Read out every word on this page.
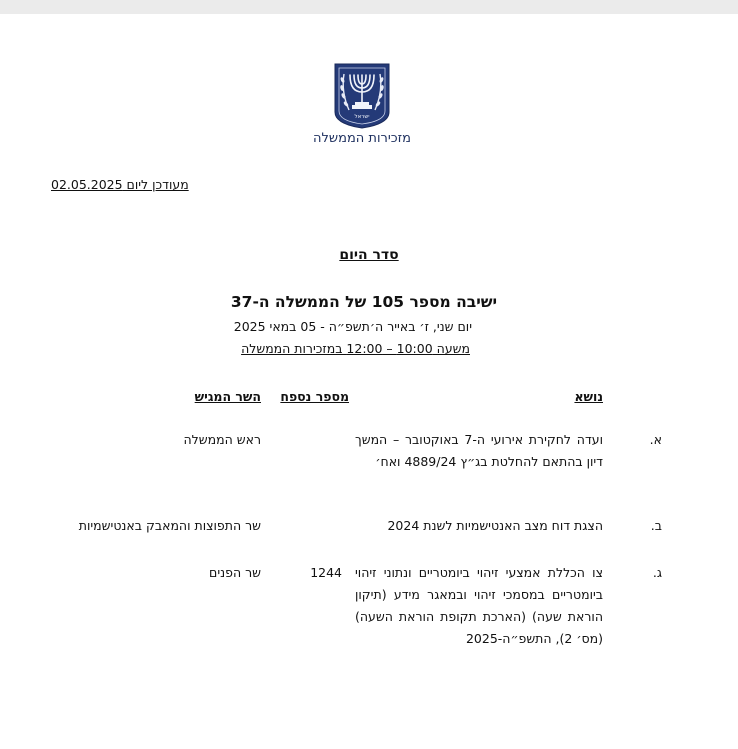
ישראל
מזכירות הממשלה
מעודכן ליום 02.05.2025
סדר היום
ישיבה מספר 105 של הממשלה ה-37
יום שני, ז׳ באייר ה׳תשפ״ה - 05 במאי 2025
משעה 10:00 – 12:00 במזכירות הממשלה
נושא
מספר נספח
השר המגיש
א.
ועדה לחקירת אירועי ה-7 באוקטובר – המשך דיון בהתאם להחלטת בג״ץ 4889/24 ואח׳
ראש הממשלה
ב.
הצגת דוח מצב האנטישמיות לשנת 2024
שר התפוצות והמאבק באנטישמיות
ג.
צו הכללת אמצעי זיהוי ביומטריים ונתוני זיהוי ביומטריים במסמכי זיהוי ובמאגר מידע (תיקון הוראת שעה) (הארכת תקופת הוראת השעה) (מס׳ 2), התשפ״ה-2025
1244
שר הפנים
